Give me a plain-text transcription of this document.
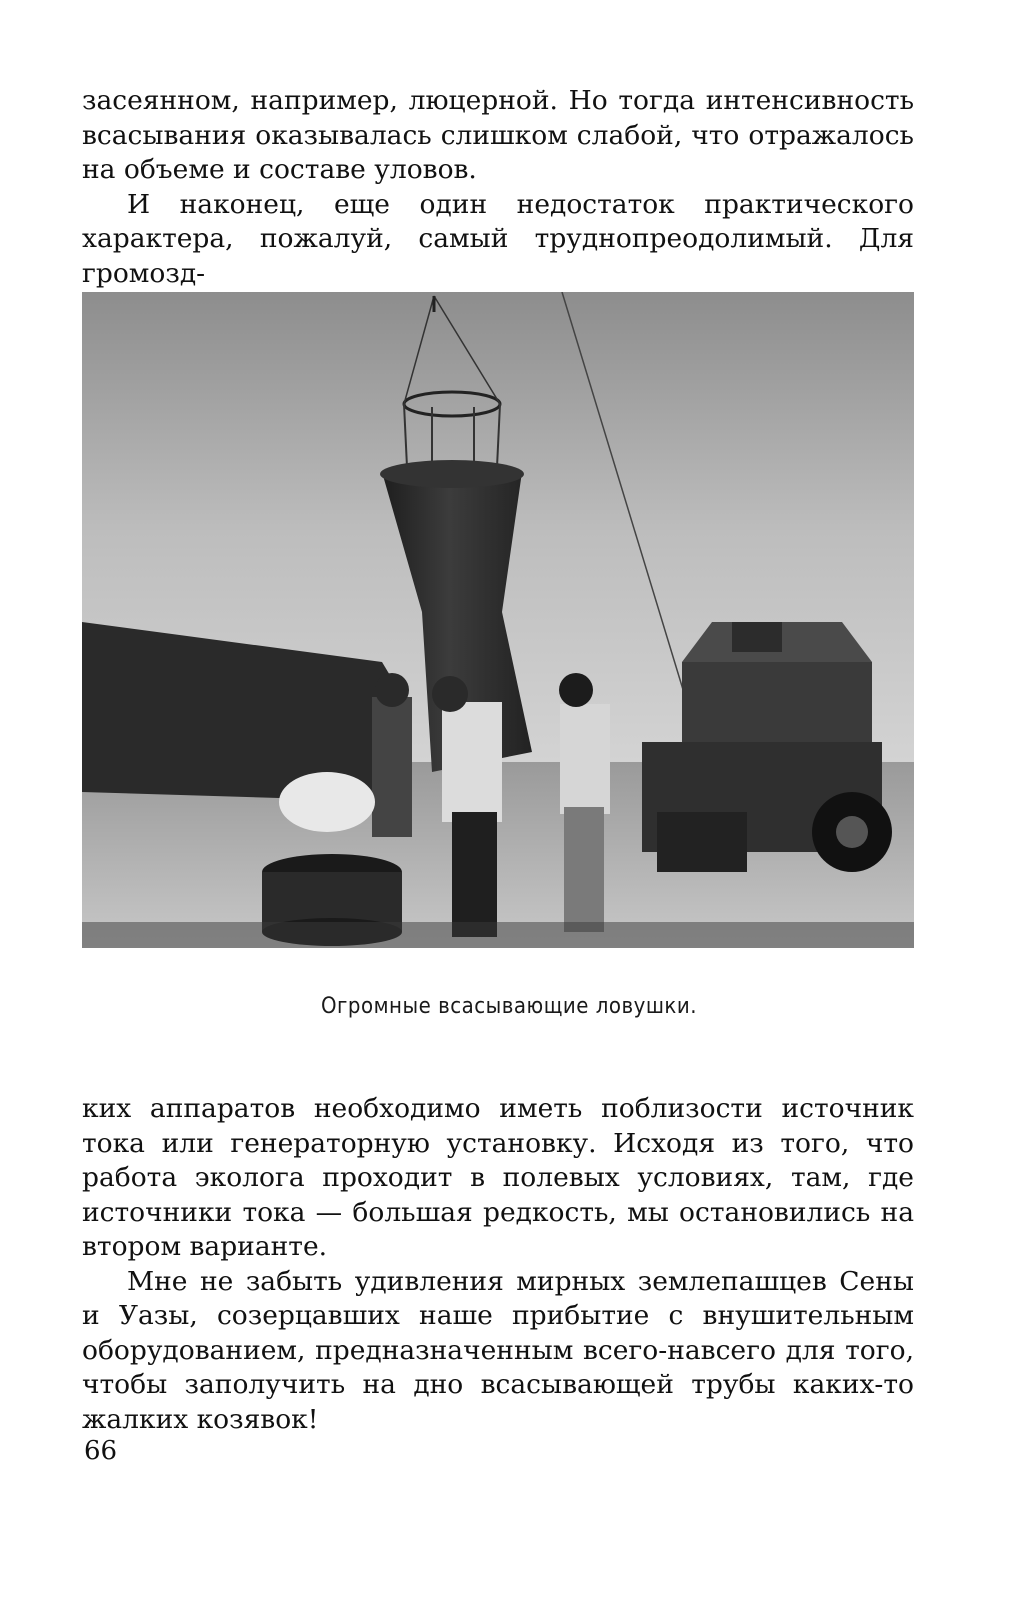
засеянном, например, люцерной. Но тогда интенсивность всасывания оказывалась слишком слабой, что отражалось на объеме и составе уловов.

И наконец, еще один недостаток практического характера, пожалуй, самый труднопреодолимый. Для громозд-

Огромные всасывающие ловушки.

ких аппаратов необходимо иметь поблизости источник тока или генераторную установку. Исходя из того, что работа эколога проходит в полевых условиях, там, где источники тока — большая редкость, мы остановились на втором варианте.

Мне не забыть удивления мирных землепашцев Сены и Уазы, созерцавших наше прибытие с внушительным оборудованием, предназначенным всего-навсего для того, чтобы заполучить на дно всасывающей трубы каких-то жалких козявок!

66
